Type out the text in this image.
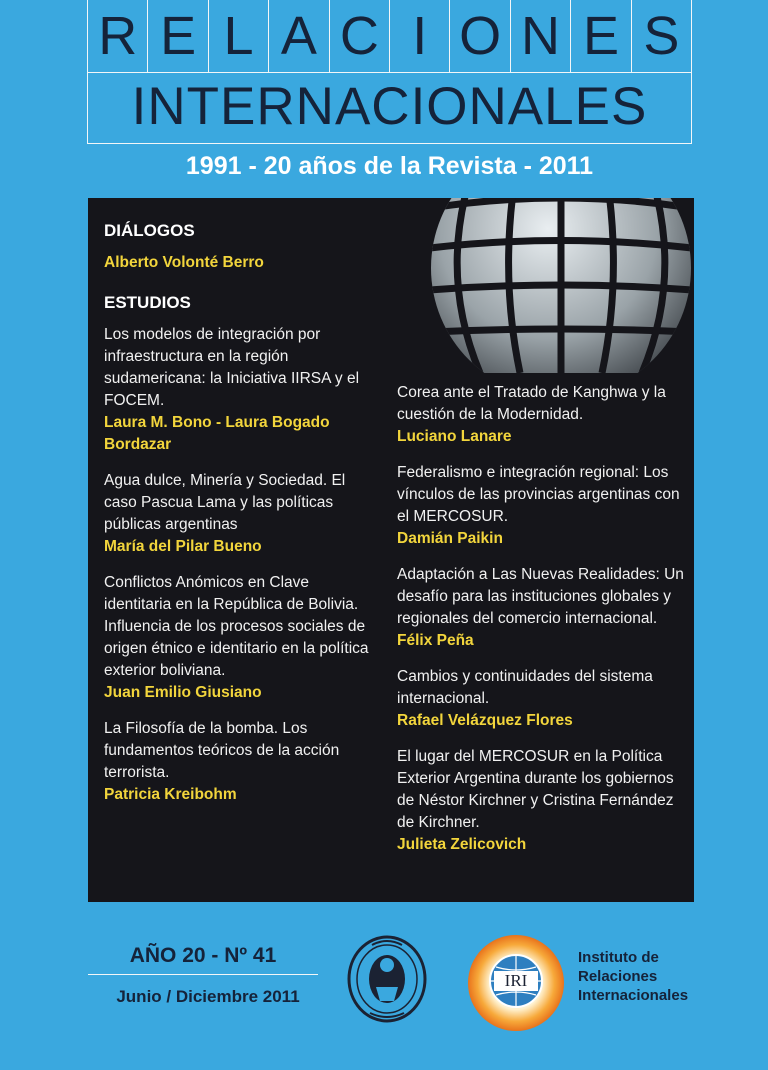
R E L A C I O N E S
INTERNACIONALES
1991 - 20 años de la Revista - 2011
DIÁLOGOS
Alberto Volonté Berro
ESTUDIOS
Los modelos de integración por infraestructura en la región sudamericana: la Iniciativa IIRSA y el FOCEM.
Laura M. Bono - Laura Bogado Bordazar
Agua dulce, Minería y Sociedad. El caso Pascua Lama y las políticas públicas argentinas
María del Pilar Bueno
Conflictos Anómicos en Clave identitaria en la República de Bolivia. Influencia de los procesos sociales de origen étnico e identitario en la política exterior boliviana.
Juan Emilio Giusiano
La Filosofía de la bomba. Los fundamentos teóricos de la acción terrorista.
Patricia Kreibohm
Corea ante el Tratado de Kanghwa y la cuestión de la Modernidad.
Luciano Lanare
Federalismo e integración regional: Los vínculos de las provincias argentinas con el MERCOSUR.
Damián Paikin
Adaptación a Las Nuevas Realidades: Un desafío para las instituciones globales y regionales del comercio internacional.
Félix Peña
Cambios y continuidades del sistema internacional.
Rafael Velázquez Flores
El lugar del MERCOSUR en la Política Exterior Argentina durante los gobiernos de Néstor Kirchner y Cristina Fernández de Kirchner.
Julieta Zelicovich
AÑO 20 - Nº 41
Junio / Diciembre 2011
IRI
Instituto de
Relaciones
Internacionales
